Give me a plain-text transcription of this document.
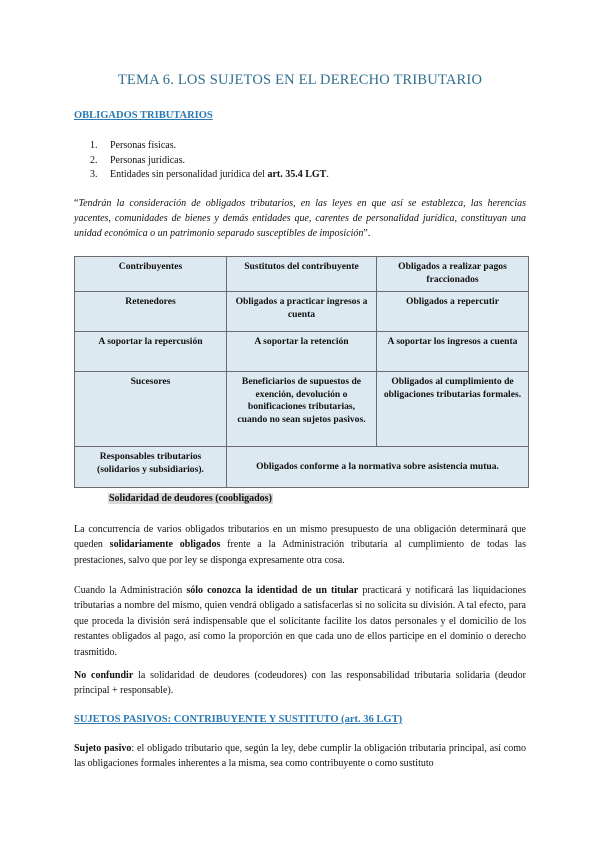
TEMA 6. LOS SUJETOS EN EL DERECHO TRIBUTARIO
OBLIGADOS TRIBUTARIOS
1.	Personas físicas.
2.	Personas jurídicas.
3.	Entidades sin personalidad jurídica del art. 35.4 LGT.
“Tendrán la consideración de obligados tributarios, en las leyes en que así se establezca, las herencias yacentes, comunidades de bienes y demás entidades que, carentes de personalidad jurídica, constituyan una unidad económica o un patrimonio separado susceptibles de imposición”.
Contribuyentes	Sustitutos del contribuyente	Obligados a realizar pagos fraccionados
Retenedores	Obligados a practicar ingresos a cuenta	Obligados a repercutir
A soportar la repercusión	A soportar la retención	A soportar los ingresos a cuenta
Sucesores	Beneficiarios de supuestos de exención, devolución o bonificaciones tributarias, cuando no sean sujetos pasivos.	Obligados al cumplimiento de obligaciones tributarias formales.
Responsables tributarios (solidarios y subsidiarios).	Obligados conforme a la normativa sobre asistencia mutua.	
Solidaridad de deudores (coobligados)
La concurrencia de varios obligados tributarios en un mismo presupuesto de una obligación determinará que queden solidariamente obligados frente a la Administración tributaria al cumplimiento de todas las prestaciones, salvo que por ley se disponga expresamente otra cosa.
Cuando la Administración sólo conozca la identidad de un titular practicará y notificará las liquidaciones tributarias a nombre del mismo, quien vendrá obligado a satisfacerlas si no solicita su división. A tal efecto, para que proceda la división será indispensable que el solicitante facilite los datos personales y el domicilio de los restantes obligados al pago, así como la proporción en que cada uno de ellos participe en el dominio o derecho trasmitido.
No confundir la solidaridad de deudores (codeudores) con las responsabilidad tributaria solidaria (deudor principal + responsable).
SUJETOS PASIVOS: CONTRIBUYENTE Y SUSTITUTO (art. 36 LGT)
Sujeto pasivo: el obligado tributario que, según la ley, debe cumplir la obligación tributaria principal, así como las obligaciones formales inherentes a la misma, sea como contribuyente o como sustituto
